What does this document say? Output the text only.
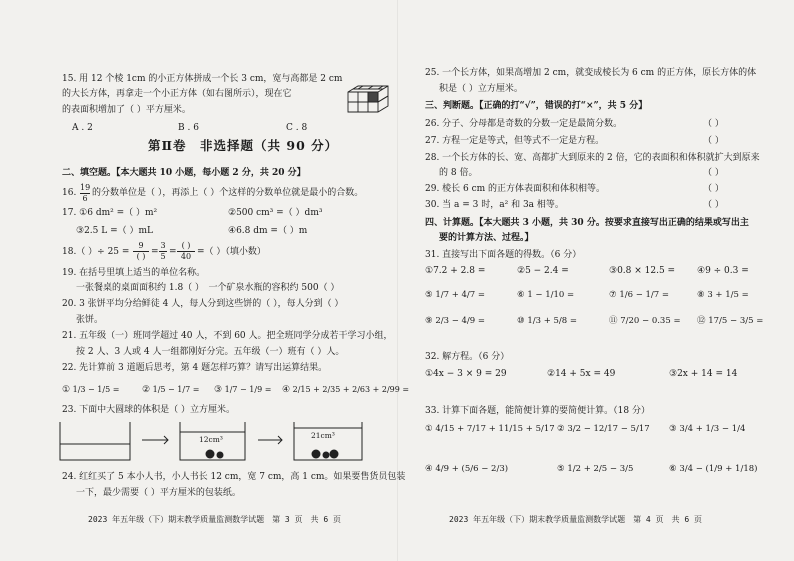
15. 用 12 个棱 1cm 的小正方体拼成一个长 3 cm，宽与高都是 2 cm
的大长方体，再拿走一个小正方体（如右图所示），现在它
的表面积增加了（ ）平方厘米。
A . 2	B . 6	C . 8
第Ⅱ卷　非选择题（共 90 分）
二、填空题。【本大题共 10 小题，每小题 2 分，共 20 分】
16.
19
6
的分数单位是（ ），再添上（ ）个这样的分数单位就是最小的合数。
17. ①6 dm² =（ ）m²	②500 cm³ =（ ）dm³
③2.5 L =（ ）mL	④6.8 dm =（ ）m
18.（ ）÷ 25 =
9
( ) =
3
5 =
( )
40 =（ ）（填小数）
19. 在括号里填上适当的单位名称。
一张餐桌的桌面面积约 1.8（ ）　一个矿泉水瓶的容积约 500（ ）
20. 3 张饼平均分给鲜徒 4 人，每人分到这些饼的（ ），每人分到（ ）
张饼。
21. 五年级（一）班同学超过 40 人，不到 60 人。把全班同学分成若干学习小组，
按 2 人、3 人或 4 人一组都刚好分完。五年级（一）班有（ ）人。
22. 先计算前 3 道题后思考，第 4 题怎样巧算？请写出运算结果。
① 1/3 − 1/5 =	② 1/5 − 1/7 = ③ 1/7 − 1/9 = ④ 2/15 + 2/35 + 2/63 + 2/99 =
23. 下面中大圆球的体积是（ ）立方厘米。
12cm³	21cm³
24. 红红买了 5 本小人书，小人书长 12 cm，宽 7 cm，高 1 cm。如果要售货员包装
一下，最少需要（ ）平方厘米的包装纸。
2023 年五年级（下）期末教学质量监测数学试题　第 3 页　共 6 页
25. 一个长方体，如果高增加 2 cm，就变成棱长为 6 cm 的正方体，原长方体的体
积是（ ）立方厘米。
三、判断题。【正确的打“√”，错误的打“×”，共 5 分】
26. 分子、分母都是奇数的分数一定是最简分数。	（ ）
27. 方程一定是等式，但等式不一定是方程。	（ ）
28. 一个长方体的长、宽、高都扩大到原来的 2 倍，它的表面积和体积就扩大到原来
的 8 倍。	（ ）
29. 棱长 6 cm 的正方体表面积和体积相等。	（ ）
30. 当 a = 3 时，a² 和 3a 相等。	（ ）
四、计算题。【本大题共 3 小题，共 30 分。按要求直接写出正确的结果或写出主
要的计算方法、过程。】
31. 直接写出下面各题的得数。（6 分）
①7.2 + 2.8 =	②5 − 2.4 =	③0.8 × 12.5 = ④9 ÷ 0.3 =
⑤ 1/7 + 4/7 =	⑥ 1 − 1/10 =	⑦ 1/6 − 1/7 =	⑧ 3 + 1/5 =
⑨ 2/3 − 4/9 =	⑩ 1/3 + 5/8 =	⑪ 7/20 − 0.35 = ⑫ 17/5 − 3/5 =
32. 解方程。（6 分）
①4x − 3 × 9 = 29	②14 + 5x = 49	③2x + 14 = 14
33. 计算下面各题，能简便计算的要简便计算。（18 分）
① 4/15 + 7/17 + 11/15 + 5/17 ② 3/2 − 12/17 − 5/17 ③ 3/4 + 1/3 − 1/4
④ 4/9 + (5/6 − 2/3)	⑤ 1/2 + 2/5 − 3/5	⑥ 3/4 − (1/9 + 1/18)
2023 年五年级（下）期末教学质量监测数学试题　第 4 页　共 6 页
